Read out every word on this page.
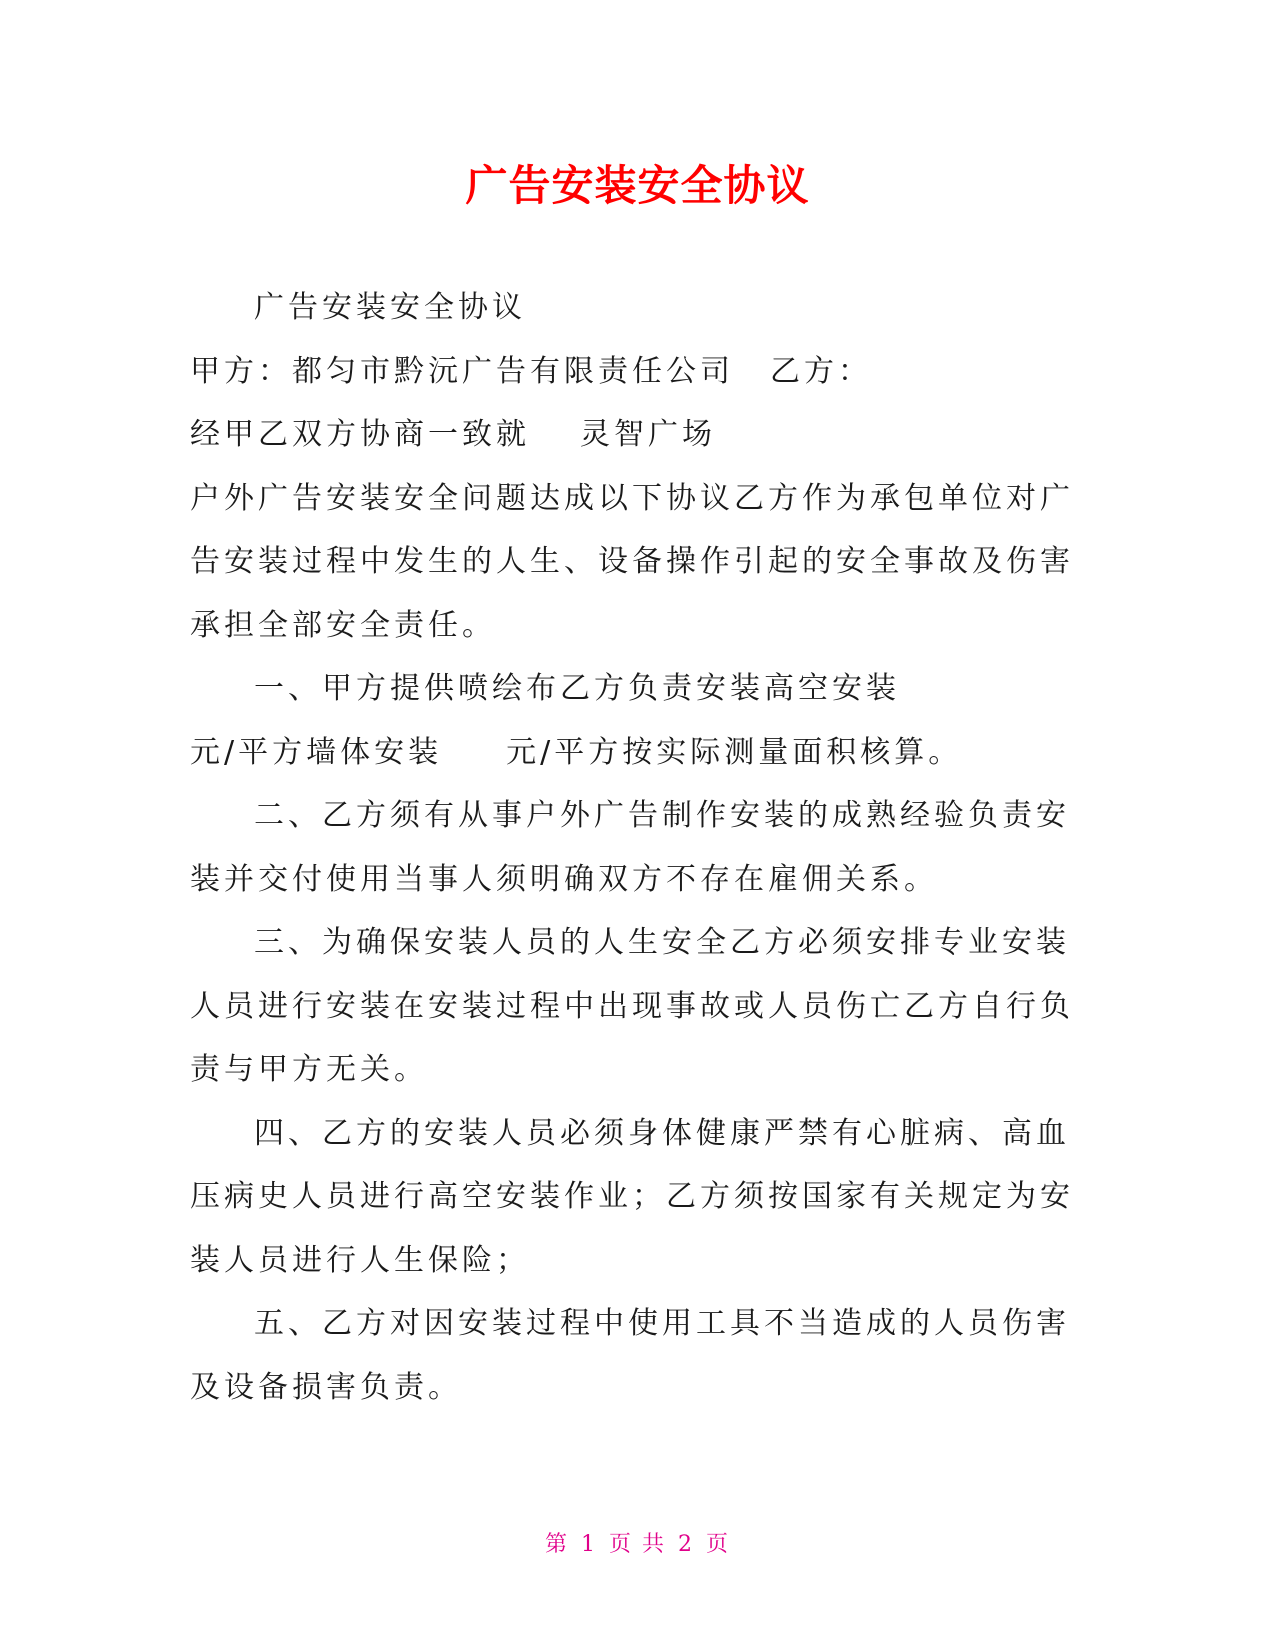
广告安装安全协议

广告安装安全协议

甲方：都匀市黔沅广告有限责任公司 乙方：

经甲乙双方协商一致就 灵智广场

户外广告安装安全问题达成以下协议乙方作为承包单位对广告安装过程中发生的人生、设备操作引起的安全事故及伤害承担全部安全责任。

一、甲方提供喷绘布乙方负责安装高空安装

元/平方墙体安装 元/平方按实际测量面积核算。

二、乙方须有从事户外广告制作安装的成熟经验负责安装并交付使用当事人须明确双方不存在雇佣关系。

三、为确保安装人员的人生安全乙方必须安排专业安装人员进行安装在安装过程中出现事故或人员伤亡乙方自行负责与甲方无关。

四、乙方的安装人员必须身体健康严禁有心脏病、高血压病史人员进行高空安装作业；乙方须按国家有关规定为安装人员进行人生保险；

五、乙方对因安装过程中使用工具不当造成的人员伤害及设备损害负责。

第 1 页 共 2 页
